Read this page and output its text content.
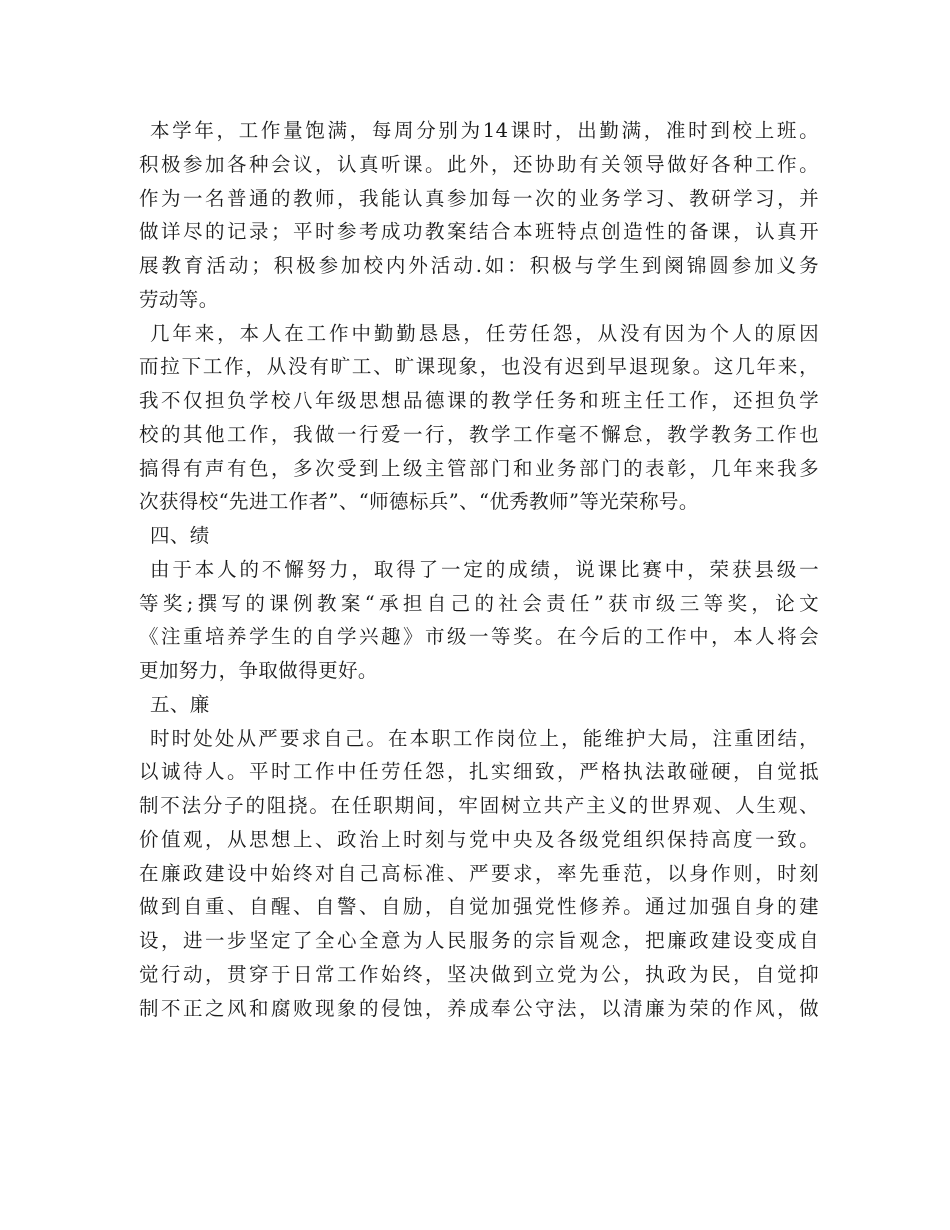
本学年，工作量饱满，每周分别为14课时，出勤满，准时到校上班。
积极参加各种会议，认真听课。此外，还协助有关领导做好各种工作。
作为一名普通的教师，我能认真参加每一次的业务学习、教研学习，并
做详尽的记录；平时参考成功教案结合本班特点创造性的备课，认真开
展教育活动；积极参加校内外活动.如：积极与学生到阕锦圆参加义务
劳动等。
几年来，本人在工作中勤勤恳恳，任劳任怨，从没有因为个人的原因
而拉下工作，从没有旷工、旷课现象，也没有迟到早退现象。这几年来，
我不仅担负学校八年级思想品德课的教学任务和班主任工作，还担负学
校的其他工作，我做一行爱一行，教学工作毫不懈怠，教学教务工作也
搞得有声有色，多次受到上级主管部门和业务部门的表彰，几年来我多
次获得校“先进工作者”、“师德标兵”、“优秀教师”等光荣称号。
四、绩
由于本人的不懈努力，取得了一定的成绩，说课比赛中，荣获县级一
等奖;撰写的课例教案“承担自己的社会责任”获市级三等奖，论文
《注重培养学生的自学兴趣》市级一等奖。在今后的工作中，本人将会
更加努力，争取做得更好。
五、廉
时时处处从严要求自己。在本职工作岗位上，能维护大局，注重团结，
以诚待人。平时工作中任劳任怨，扎实细致，严格执法敢碰硬，自觉抵
制不法分子的阻挠。在任职期间，牢固树立共产主义的世界观、人生观、
价值观，从思想上、政治上时刻与党中央及各级党组织保持高度一致。
在廉政建设中始终对自己高标准、严要求，率先垂范，以身作则，时刻
做到自重、自醒、自警、自励，自觉加强党性修养。通过加强自身的建
设，进一步坚定了全心全意为人民服务的宗旨观念，把廉政建设变成自
觉行动，贯穿于日常工作始终，坚决做到立党为公，执政为民，自觉抑
制不正之风和腐败现象的侵蚀，养成奉公守法，以清廉为荣的作风，做
